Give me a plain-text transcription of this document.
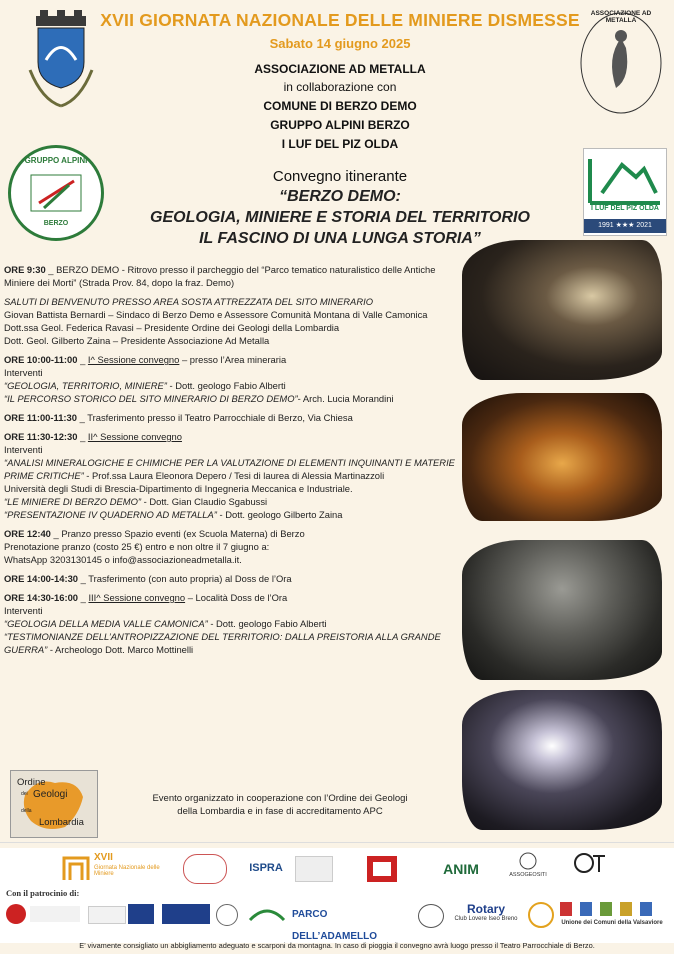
XVII GIORNATA NAZIONALE DELLE MINIERE DISMESSE
Sabato 14 giugno 2025
ASSOCIAZIONE AD METALLA
in collaborazione con
COMUNE DI BERZO DEMO
GRUPPO ALPINI BERZO
I LUF DEL PIZ OLDA
ASSOCIAZIONE AD METALLA
GRUPPO ALPINI
BERZO
I LUF DEL PIZ OLDA
1991 ★★★ 2021
Convegno itinerante
“BERZO DEMO:
GEOLOGIA, MINIERE E STORIA DEL TERRITORIO
IL FASCINO DI UNA LUNGA STORIA”

ORE 9:30 _ BERZO DEMO - Ritrovo presso il parcheggio del “Parco tematico naturalistico delle Antiche Miniere dei Morti” (Strada Prov. 84, dopo la fraz. Demo)

SALUTI DI BENVENUTO PRESSO AREA SOSTA ATTREZZATA DEL SITO MINERARIO

Giovan Battista Bernardi – Sindaco di Berzo Demo e Assessore Comunità Montana di Valle Camonica

Dott.ssa Geol. Federica Ravasi – Presidente Ordine dei Geologi della Lombardia

Dott. Geol. Gilberto Zaina – Presidente Associazione Ad Metalla

ORE 10:00-11:00 _ I^ Sessione convegno – presso l’Area mineraria

Interventi

“GEOLOGIA, TERRITORIO, MINIERE” - Dott. geologo Fabio Alberti

“IL PERCORSO STORICO DEL SITO MINERARIO DI BERZO DEMO”- Arch. Lucia Morandini

ORE 11:00-11:30 _ Trasferimento presso il Teatro Parrocchiale di Berzo, Via Chiesa

ORE 11:30-12:30 _ II^ Sessione convegno

Interventi

“ANALISI MINERALOGICHE E CHIMICHE PER LA VALUTAZIONE DI ELEMENTI INQUINANTI E MATERIE PRIME CRITICHE” - Prof.ssa Laura Eleonora Depero / Tesi di laurea di Alessia Martinazzoli

Università degli Studi di Brescia-Dipartimento di Ingegneria Meccanica e Industriale.

“LE MINIERE DI BERZO DEMO” - Dott. Gian Claudio Sgabussi

“PRESENTAZIONE IV QUADERNO AD METALLA” - Dott. geologo Gilberto Zaina

ORE 12:40 _ Pranzo presso Spazio eventi (ex Scuola Materna) di Berzo

Prenotazione pranzo (costo 25 €) entro e non oltre il 7 giugno a:

WhatsApp 3203130145 o info@associazioneadmetalla.it.

ORE 14:00-14:30 _ Trasferimento (con auto propria) al Doss de l’Ora

ORE 14:30-16:00 _ III^ Sessione convegno – Località Doss de l’Ora

Interventi

“GEOLOGIA DELLA MEDIA VALLE CAMONICA” - Dott. geologo Fabio Alberti

“TESTIMONIANZE DELL’ANTROPIZZAZIONE DEL TERRITORIO: DALLA PREISTORIA ALLA GRANDE GUERRA” - Archeologo Dott. Marco Mottinelli

Ordine
dei Geologi
della
Lombardia
Evento organizzato in cooperazione con l’Ordine dei Geologi
della Lombardia e in fase di accreditamento APC
XVII
Giornata Nazionale delle Miniere	ISPRA	ANIM	ASSOGEOSITI
Con il patrocinio di:
PARCO DELL’ADAMELLO
Rotary
Club Lovere Iseo Breno
Unione dei Comuni della Valsaviore
E’ vivamente consigliato un abbigliamento adeguato e scarponi da montagna. In caso di pioggia il convegno avrà luogo presso il Teatro Parrocchiale di Berzo.
